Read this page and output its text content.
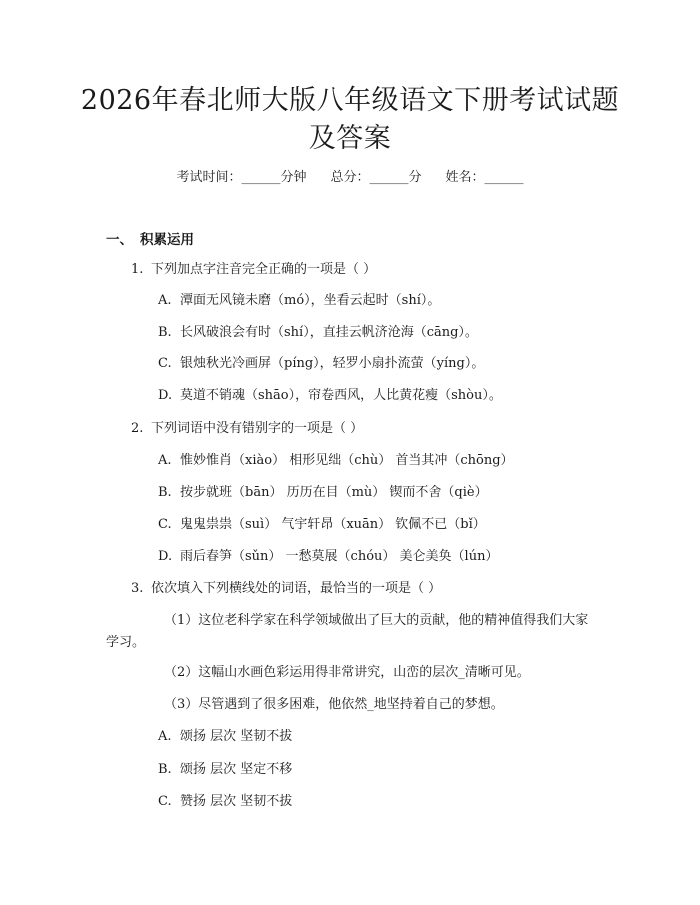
2026年春北师大版八年级语文下册考试试题
及答案
考试时间：______分钟 总分：______分 姓名：______
一、 积累运用
1. 下列加点字注音完全正确的一项是（ ）
A. 潭面无风镜未磨（mó），坐看云起时（shí）。
B. 长风破浪会有时（shí），直挂云帆济沧海（cāng）。
C. 银烛秋光冷画屏（píng），轻罗小扇扑流萤（yíng）。
D. 莫道不销魂（shāo），帘卷西风，人比黄花瘦（shòu）。
2. 下列词语中没有错别字的一项是（ ）
A. 惟妙惟肖（xiào） 相形见绌（chù） 首当其冲（chōng）
B. 按步就班（bān） 历历在目（mù） 锲而不舍（qiè）
C. 鬼鬼祟祟（suì） 气宇轩昂（xuān） 钦佩不已（bǐ）
D. 雨后春笋（sǔn） 一愁莫展（chóu） 美仑美奂（lún）
3. 依次填入下列横线处的词语，最恰当的一项是（ ）
（1）这位老科学家在科学领域做出了巨大的贡献，他的精神值得我们大家学习。
（2）这幅山水画色彩运用得非常讲究，山峦的层次_清晰可见。
（3）尽管遇到了很多困难，他依然_地坚持着自己的梦想。
A. 颂扬 层次 坚韧不拔
B. 颂扬 层次 坚定不移
C. 赞扬 层次 坚韧不拔
